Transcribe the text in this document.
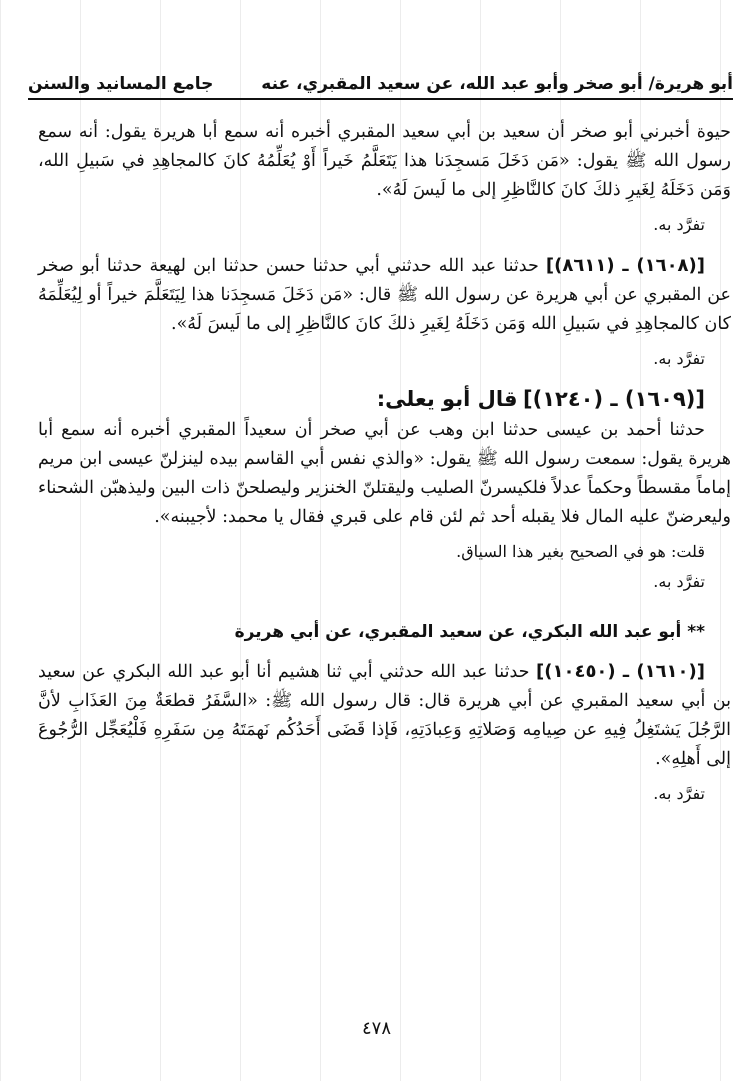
أبو هريرة/ أبو صخر وأبو عبد الله، عن سعيد المقبري، عنه
جامع المسانيد والسنن

حيوة أخبرني أبو صخر أن سعيد بن أبي سعيد المقبري أخبره أنه سمع أبا هريرة يقول: أنه سمع رسول الله ﷺ يقول: «مَن دَخَلَ مَسجِدَنا هذا يَتَعَلَّمُ خَيراً أَوْ يُعَلِّمُهُ كانَ كالمجاهِدِ في سَبيلِ الله، وَمَن دَخَلَهُ لِغَيرِ ذلكَ كانَ كالنَّاظِرِ إلى ما لَيسَ لَهُ».

تفرَّد به.

[(١٦٠٨) ـ (٨٦١١)] حدثنا عبد الله حدثني أبي حدثنا حسن حدثنا ابن لهيعة حدثنا أبو صخر عن المقبري عن أبي هريرة عن رسول الله ﷺ قال: «مَن دَخَلَ مَسجِدَنا هذا لِيَتَعَلَّمَ خيراً أو لِيُعَلِّمَهُ كان كالمجاهِدِ في سَبيلِ الله وَمَن دَخَلَهُ لِغَيرِ ذلكَ كانَ كالنَّاظِرِ إلى ما لَيسَ لَهُ».

تفرَّد به.

[(١٦٠٩) ـ (١٢٤٠)] قال أبو يعلى:

حدثنا أحمد بن عيسى حدثنا ابن وهب عن أبي صخر أن سعيداً المقبري أخبره أنه سمع أبا هريرة يقول: سمعت رسول الله ﷺ يقول: «والذي نفس أبي القاسم بيده لينزلنّ عيسى ابن مريم إماماً مقسطاً وحكماً عدلاً فلكيسرنّ الصليب وليقتلنّ الخنزير وليصلحنّ ذات البين وليذهبّن الشحناء وليعرضنّ عليه المال فلا يقبله أحد ثم لئن قام على قبري فقال يا محمد: لأجيبنه».

قلت: هو في الصحيح بغير هذا السياق.

تفرَّد به.

** أبو عبد الله البكري، عن سعيد المقبري، عن أبي هريرة

[(١٦١٠) ـ (١٠٤٥٠)] حدثنا عبد الله حدثني أبي ثنا هشيم أنا أبو عبد الله البكري عن سعيد بن أبي سعيد المقبري عن أبي هريرة قال: قال رسول الله ﷺ: «السَّفَرُ قطعَةٌ مِنَ العَذَابِ لأنَّ الرَّجُلَ يَشتَغِلُ فِيهِ عن صِيامِه وَصَلاتِهِ وَعِبادَتِهِ، فَإذا قَضَى أَحَدُكُم نَهمَتَهُ مِن سَفَرِهِ فَلْيُعَجِّل الرُّجُوعَ إلى أَهلِهِ».

تفرَّد به.

٤٧٨
